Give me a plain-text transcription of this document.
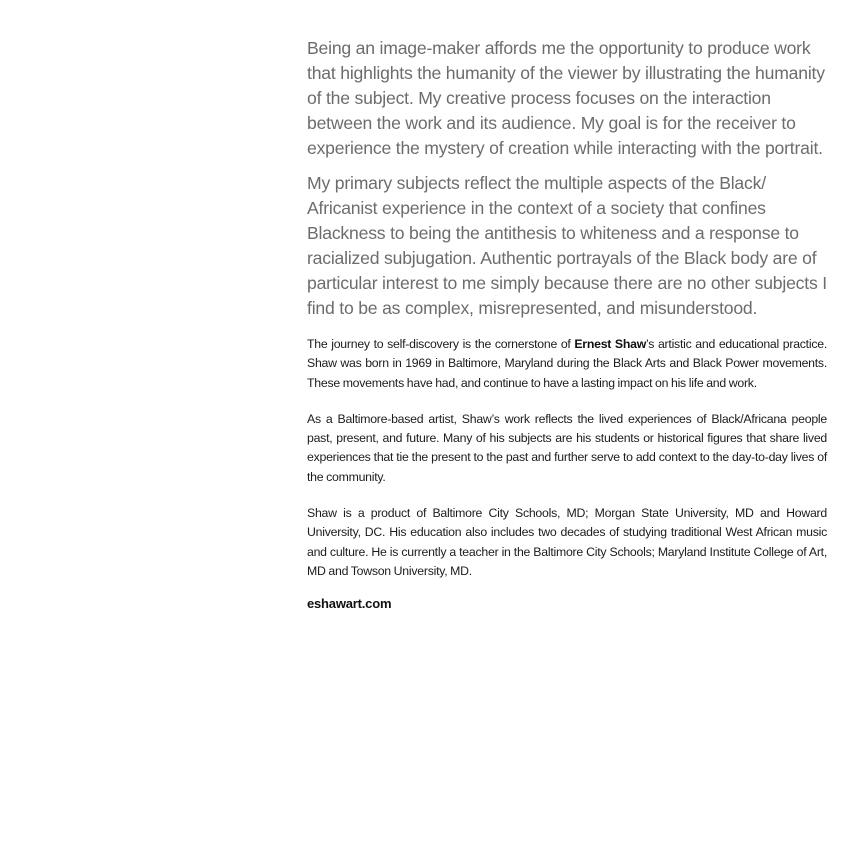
Being an image-maker affords me the opportunity to produce work that highlights the humanity of the viewer by illustrating the humanity of the subject. My creative process focuses on the interaction between the work and its audience. My goal is for the receiver to experience the mystery of creation while interacting with the portrait.

My primary subjects reflect the multiple aspects of the Black/ Africanist experience in the context of a society that confines Blackness to being the antithesis to whiteness and a response to racialized subjugation. Authentic portrayals of the Black body are of particular interest to me simply because there are no other subjects I find to be as complex, misrepresented, and misunderstood.

The journey to self-discovery is the cornerstone of Ernest Shaw’s artistic and educational practice. Shaw was born in 1969 in Baltimore, Maryland during the Black Arts and Black Power movements. These movements have had, and continue to have a lasting impact on his life and work.

As a Baltimore-based artist, Shaw’s work reflects the lived experiences of Black/Africana people past, present, and future. Many of his subjects are his students or historical figures that share lived experiences that tie the present to the past and further serve to add context to the day-to-day lives of the community.

Shaw is a product of Baltimore City Schools, MD; Morgan State University, MD and Howard University, DC. His education also includes two decades of studying traditional West African music and culture. He is currently a teacher in the Baltimore City Schools; Maryland Institute College of Art, MD and Towson University, MD.

eshawart.com
